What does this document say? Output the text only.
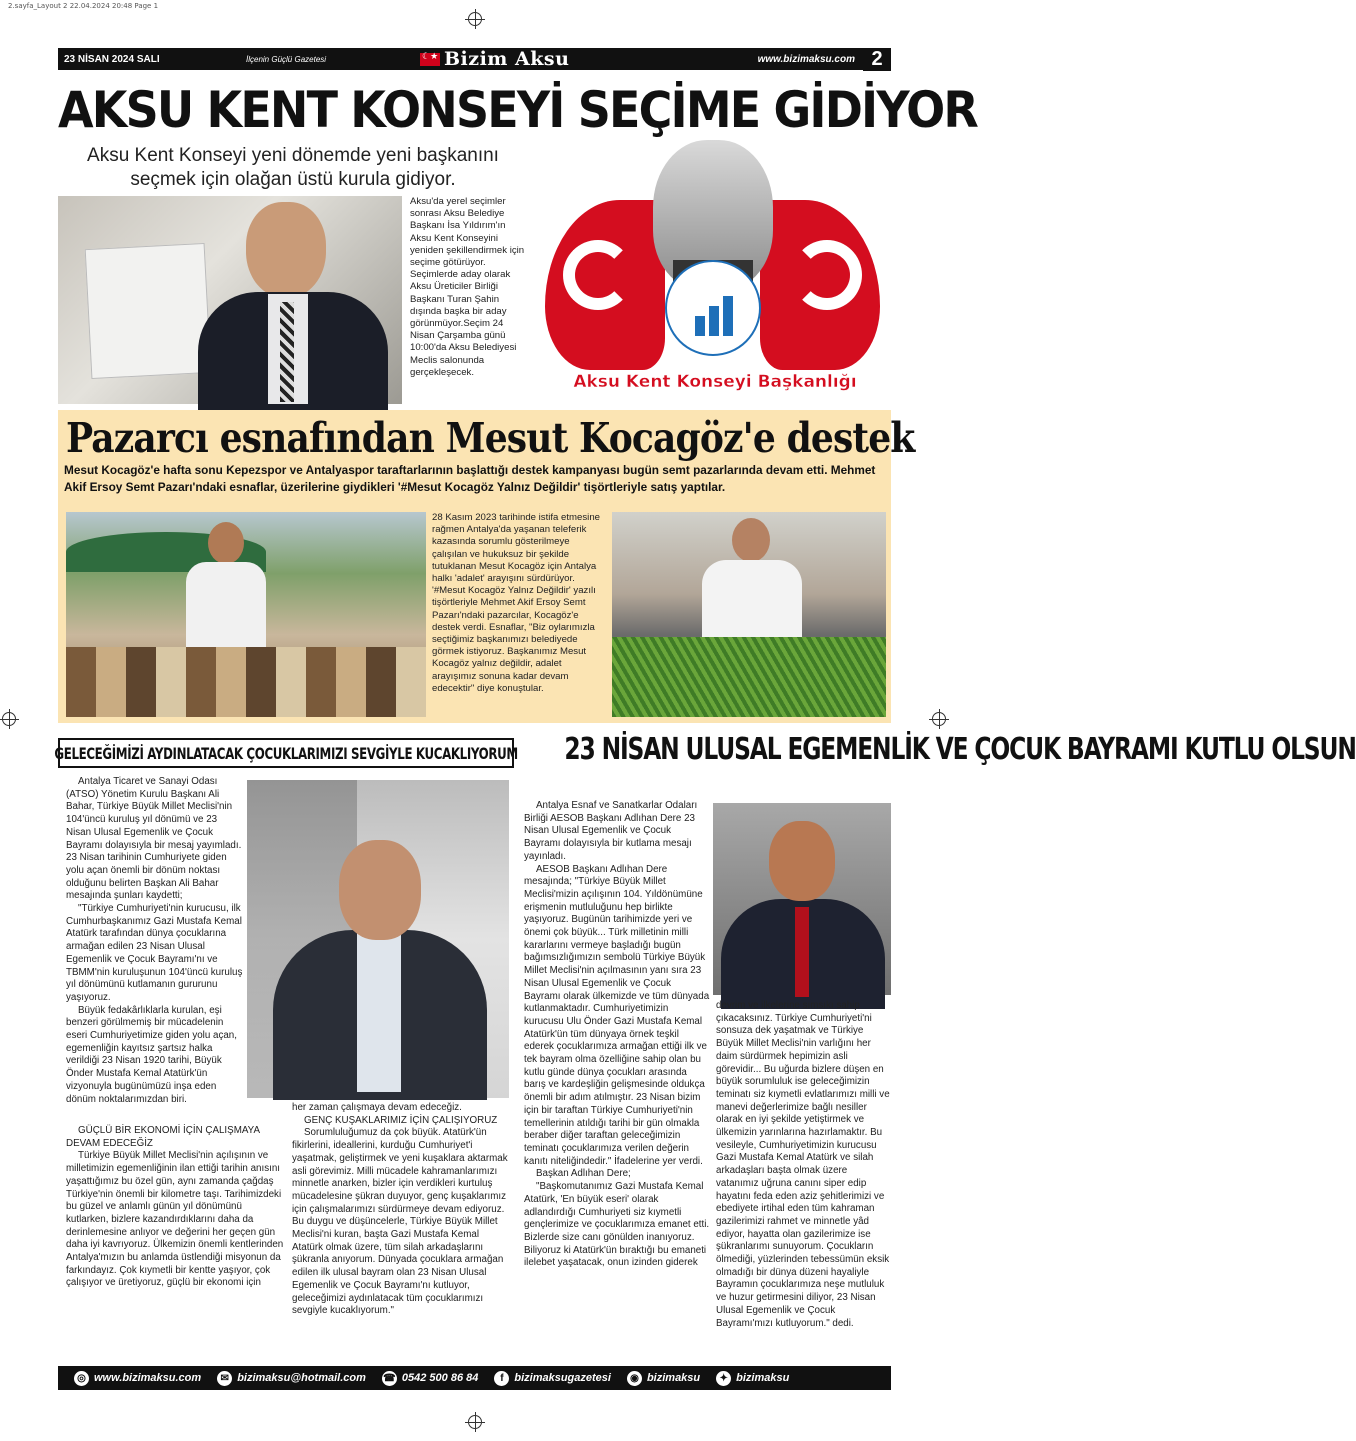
2.sayfa_Layout 2 22.04.2024 20:48 Page 1
23 NİSAN 2024 SALI	İlçenin Güçlü Gazetesi
☾★	Bizim Aksu	www.bizimaksu.com 2
AKSU KENT KONSEYİ SEÇİME GİDİYOR
Aksu Kent Konseyi yeni dönemde yeni başkanını seçmek için olağan üstü kurula gidiyor.
Aksu'da yerel seçimler sonrası Aksu Belediye Başkanı İsa Yıldırım'ın Aksu Kent Konseyini yeniden şekillendirmek için seçime götürüyor. Seçimlerde aday olarak Aksu Üreticiler Birliği Başkanı Turan Şahin dışında başka bir aday görünmüyor.Seçim 24 Nisan Çarşamba günü 10:00'da Aksu Belediyesi Meclis salonunda gerçekleşecek.	Aksu Kent Konseyi Başkanlığı
Pazarcı esnafından Mesut Kocagöz'e destek
Mesut Kocagöz'e hafta sonu Kepezspor ve Antalyaspor taraftarlarının başlattığı destek kampanyası bugün semt pazarlarında devam etti. Mehmet Akif Ersoy Semt Pazarı'ndaki esnaflar, üzerilerine giydikleri '#Mesut Kocagöz Yalnız Değildir' tişörtleriyle satış yaptılar.
28 Kasım 2023 tarihinde istifa etmesine rağmen Antalya'da yaşanan teleferik kazasında sorumlu gösterilmeye çalışılan ve hukuksuz bir şekilde tutuklanan Mesut Kocagöz için Antalya halkı 'adalet' arayışını sürdürüyor. '#Mesut Kocagöz Yalnız Değildir' yazılı tişörtleriyle Mehmet Akif Ersoy Semt Pazarı'ndaki pazarcılar, Kocagöz'e destek verdi. Esnaflar, "Biz oylarımızla seçtiğimiz başkanımızı belediyede görmek istiyoruz. Başkanımız Mesut Kocagöz yalnız değildir, adalet arayışımız sonuna kadar devam edecektir" diye konuştular.
GELECEĞİMİZİ AYDINLATACAK ÇOCUKLARIMIZI SEVGİYLE KUCAKLIYORUM

Antalya Ticaret ve Sanayi Odası (ATSO) Yönetim Kurulu Başkanı Ali Bahar, Türkiye Büyük Millet Meclisi'nin 104'üncü kuruluş yıl dönümü ve 23 Nisan Ulusal Egemenlik ve Çocuk Bayramı dolayısıyla bir mesaj yayımladı. 23 Nisan tarihinin Cumhuriyete giden yolu açan önemli bir dönüm noktası olduğunu belirten Başkan Ali Bahar mesajında şunları kaydetti;

"Türkiye Cumhuriyeti'nin kurucusu, ilk Cumhurbaşkanımız Gazi Mustafa Kemal Atatürk tarafından dünya çocuklarına armağan edilen 23 Nisan Ulusal Egemenlik ve Çocuk Bayramı'nı ve TBMM'nin kuruluşunun 104'üncü kuruluş yıl dönümünü kutlamanın gururunu yaşıyoruz.

Büyük fedakârlıklarla kurulan, eşi benzeri görülmemiş bir mücadelenin eseri Cumhuriyetimize giden yolu açan, egemenliğin kayıtsız şartsız halka verildiği 23 Nisan 1920 tarihi, Büyük Önder Mustafa Kemal Atatürk'ün vizyonuyla bugünümüzü inşa eden dönüm noktalarımızdan biri.

GÜÇLÜ BİR EKONOMİ İÇİN ÇALIŞMAYA DEVAM EDECEĞİZ

Türkiye Büyük Millet Meclisi'nin açılışının ve milletimizin egemenliğinin ilan ettiği tarihin anısını yaşattığımız bu özel gün, aynı zamanda çağdaş Türkiye'nin önemli bir kilometre taşı. Tarihimizdeki bu güzel ve anlamlı günün yıl dönümünü kutlarken, bizlere kazandırdıklarını daha da derinlemesine anlıyor ve değerini her geçen gün daha iyi kavrıyoruz. Ülkemizin önemli kentlerinden Antalya'mızın bu anlamda üstlendiği misyonun da farkındayız. Çok kıymetli bir kentte yaşıyor, çok çalışıyor ve üretiyoruz, güçlü bir ekonomi için

her zaman çalışmaya devam edeceğiz.

GENÇ KUŞAKLARIMIZ İÇİN ÇALIŞIYORUZ

Sorumluluğumuz da çok büyük. Atatürk'ün fikirlerini, ideallerini, kurduğu Cumhuriyet'i yaşatmak, geliştirmek ve yeni kuşaklara aktarmak asli görevimiz. Milli mücadele kahramanlarımızı minnetle anarken, bizler için verdikleri kurtuluş mücadelesine şükran duyuyor, genç kuşaklarımız için çalışmalarımızı sürdürmeye devam ediyoruz. Bu duygu ve düşüncelerle, Türkiye Büyük Millet Meclisi'ni kuran, başta Gazi Mustafa Kemal Atatürk olmak üzere, tüm silah arkadaşlarını şükranla anıyorum. Dünyada çocuklara armağan edilen ilk ulusal bayram olan 23 Nisan Ulusal Egemenlik ve Çocuk Bayramı'nı kutluyor, geleceğimizi aydınlatacak tüm çocuklarımızı sevgiyle kucaklıyorum."

23 NİSAN ULUSAL EGEMENLİK VE ÇOCUK BAYRAMI KUTLU OLSUN

Antalya Esnaf ve Sanatkarlar Odaları Birliği AESOB Başkanı Adlıhan Dere 23 Nisan Ulusal Egemenlik ve Çocuk Bayramı dolayısıyla bir kutlama mesajı yayınladı.

AESOB Başkanı Adlıhan Dere mesajında; "Türkiye Büyük Millet Meclisi'mizin açılışının 104. Yıldönümüne erişmenin mutluluğunu hep birlikte yaşıyoruz. Bugünün tarihimizde yeri ve önemi çok büyük... Türk milletinin milli kararlarını vermeye başladığı bugün bağımsızlığımızın sembolü Türkiye Büyük Millet Meclisi'nin açılmasının yanı sıra 23 Nisan Ulusal Egemenlik ve Çocuk Bayramı olarak ülkemizde ve tüm dünyada kutlanmaktadır. Cumhuriyetimizin kurucusu Ulu Önder Gazi Mustafa Kemal Atatürk'ün tüm dünyaya örnek teşkil ederek çocuklarımıza armağan ettiği ilk ve tek bayram olma özelliğine sahip olan bu kutlu günde dünya çocukları arasında barış ve kardeşliğin gelişmesinde oldukça önemli bir adım atılmıştır. 23 Nisan bizim için bir taraftan Türkiye Cumhuriyeti'nin temellerinin atıldığı tarihi bir gün olmakla beraber diğer taraftan geleceğimizin teminatı çocuklarımıza verilen değerin kanıtı niteliğindedir." İfadelerine yer verdi.

Başkan Adlıhan Dere;

"Başkomutanımız Gazi Mustafa Kemal Atatürk, 'En büyük eseri' olarak adlandırdığı Cumhuriyeti siz kıymetli gençlerimize ve çocuklarımıza emanet etti. Bizlerde size canı gönülden inanıyoruz. Biliyoruz ki Atatürk'ün bıraktığı bu emaneti ilelebet yaşatacak, onun izinden giderek

devrim ve ilkelerine sımsıkı sahip çıkacaksınız. Türkiye Cumhuriyeti'ni sonsuza dek yaşatmak ve Türkiye Büyük Millet Meclisi'nin varlığını her daim sürdürmek hepimizin asli görevidir... Bu uğurda bizlere düşen en büyük sorumluluk ise geleceğimizin teminatı siz kıymetli evlatlarımızı milli ve manevi değerlerimize bağlı nesiller olarak en iyi şekilde yetiştirmek ve ülkemizin yarınlarına hazırlamaktır. Bu vesileyle, Cumhuriyetimizin kurucusu Gazi Mustafa Kemal Atatürk ve silah arkadaşları başta olmak üzere vatanımız uğruna canını siper edip hayatını feda eden aziz şehitlerimizi ve ebediyete irtihal eden tüm kahraman gazilerimizi rahmet ve minnetle yâd ediyor, hayatta olan gazilerimize ise şükranlarımı sunuyorum. Çocukların ölmediği, yüzlerinden tebessümün eksik olmadığı bir dünya düzeni hayaliyle Bayramın çocuklarımıza neşe mutluluk ve huzur getirmesini diliyor, 23 Nisan Ulusal Egemenlik ve Çocuk Bayramı'mızı kutluyorum." dedi.
◎ www.bizimaksu.com	✉ bizimaksu@hotmail.com ☎ 0542 500 86 84	f bizimaksugazetesi	◉ bizimaksu	✦ bizimaksu
